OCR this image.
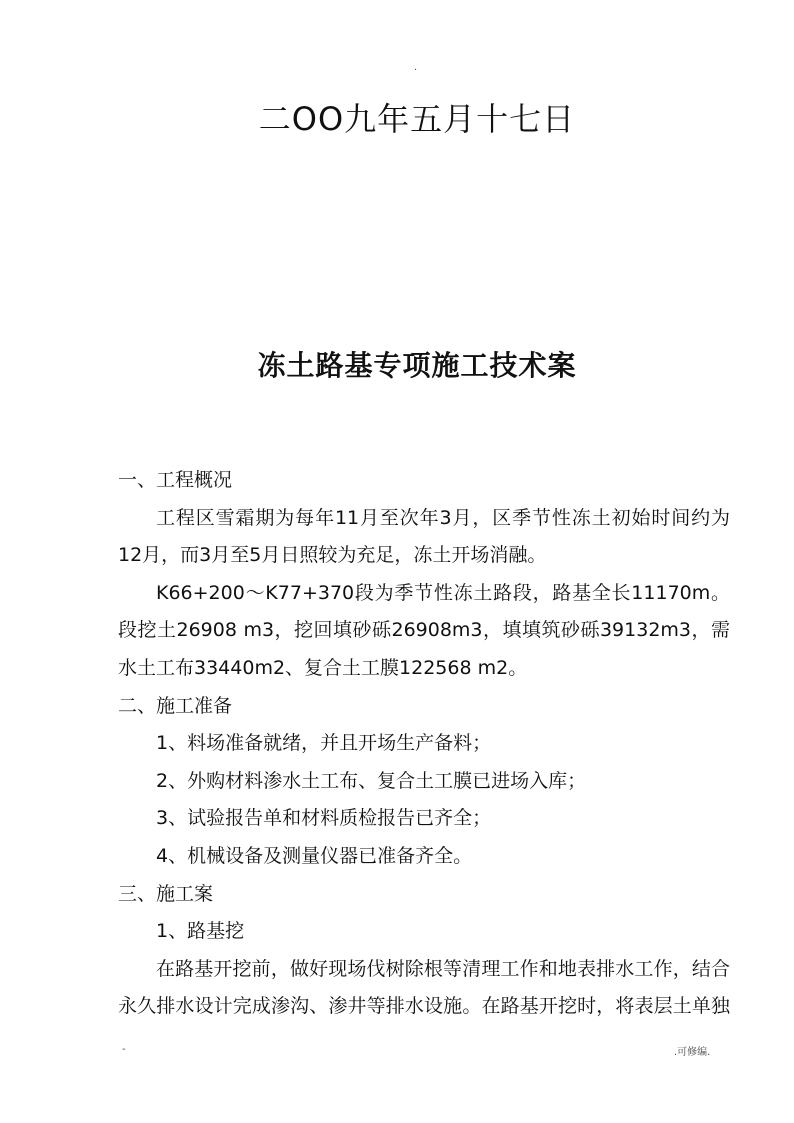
.
二OO九年五月十七日
冻土路基专项施工技术案
一、工程概况
工程区雪霜期为每年11月至次年3月，区季节性冻土初始时间约为
12月，而3月至5月日照较为充足，冻土开场消融。
K66+200～K77+370段为季节性冻土路段，路基全长11170m。
段挖土26908 m3，挖回填砂砾26908m3，填填筑砂砾39132m3，需
水土工布33440m2、复合土工膜122568 m2。
二、施工准备
1、料场准备就绪，并且开场生产备料；
2、外购材料渗水土工布、复合土工膜已进场入库；
3、试验报告单和材料质检报告已齐全；
4、机械设备及测量仪器已准备齐全。
三、施工案
1、路基挖
在路基开挖前，做好现场伐树除根等清理工作和地表排水工作，结合
永久排水设计完成渗沟、渗井等排水设施。在路基开挖时，将表层土单独
-	.可修编.
